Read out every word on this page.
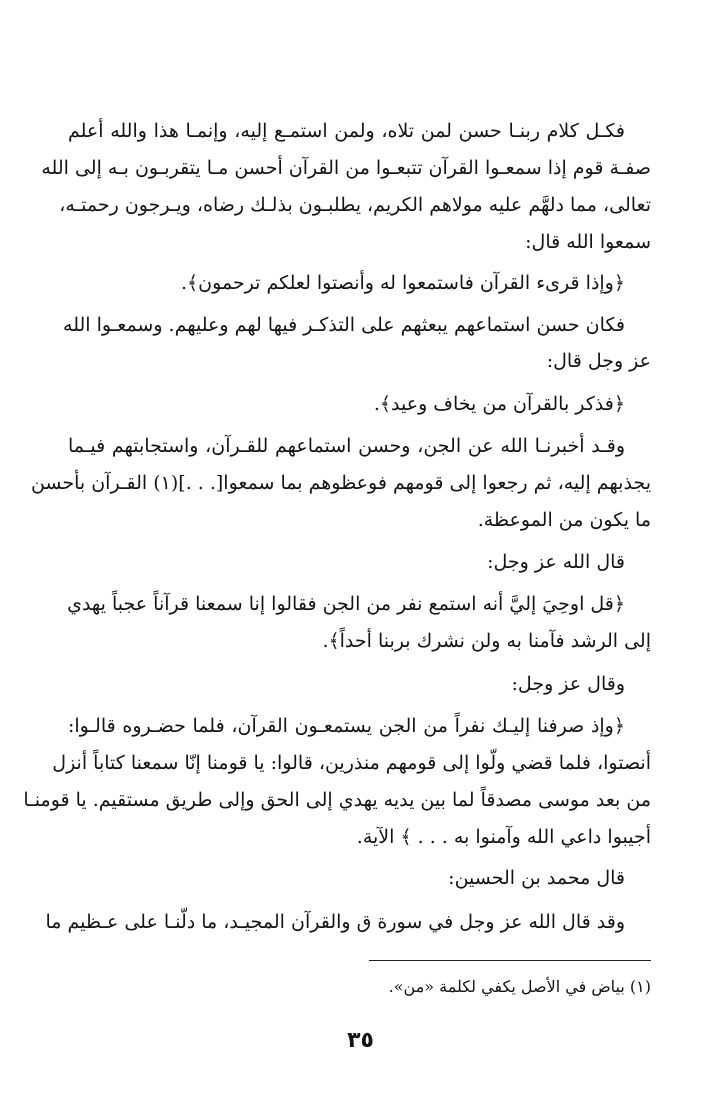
فكـل كلام ربنـا حسن لمن تلاه، ولمن استمـع إليه، وإنمـا هذا والله أعلم
صفـة قوم إذا سمعـوا القرآن تتبعـوا من القرآن أحسن مـا يتقربـون بـه إلى الله
تعالى، مما دلهَّم عليه مولاهم الكريم، يطلبـون بذلـك رضاه، ويـرجون رحمتـه،
سمعوا الله قال:
﴿وإذا قرىء القرآن فاستمعوا له وأنصتوا لعلكم ترحمون﴾.
فكان حسن استماعهم يبعثهم على التذكـر فيها لهم وعليهم. وسمعـوا الله
عز وجل قال:
﴿فذكر بالقرآن من يخاف وعيد﴾.
وقـد أخبرنـا الله عن الجن، وحسن استماعهم للقـرآن، واستجابتهم فيـما
يجذبهم إليه، ثم رجعوا إلى قومهم فوعظوهم بما سمعوا[. . .](١) القـرآن بأحسن
ما يكون من الموعظة.
قال الله عز وجل:
﴿قل اوحِيَ إليَّ أنه استمع نفر من الجن فقالوا إنا سمعنا قرآناً عجباً يهدي
إلى الرشد فآمنا به ولن نشرك بربنا أحداً﴾.
وقال عز وجل:
﴿وإذ صرفنا إليـك نفراً من الجن يستمعـون القرآن، فلما حضـروه قالـوا:
أنصتوا، فلما قضي ولّوا إلى قومهم منذرين، قالوا: يا قومنا إنّا سمعنا كتاباً أنزل
من بعد موسى مصدقاً لما بين يديه يهدي إلى الحق وإلى طريق مستقيم. يا قومنـا
أجيبوا داعي الله وآمنوا به . . . ﴾ الآية.
قال محمد بن الحسين:
وقد قال الله عز وجل في سورة ق والقرآن المجيـد، ما دلّنـا على عـظيم ما
(١) بياض في الأصل يكفي لكلمة «من».
٣٥
